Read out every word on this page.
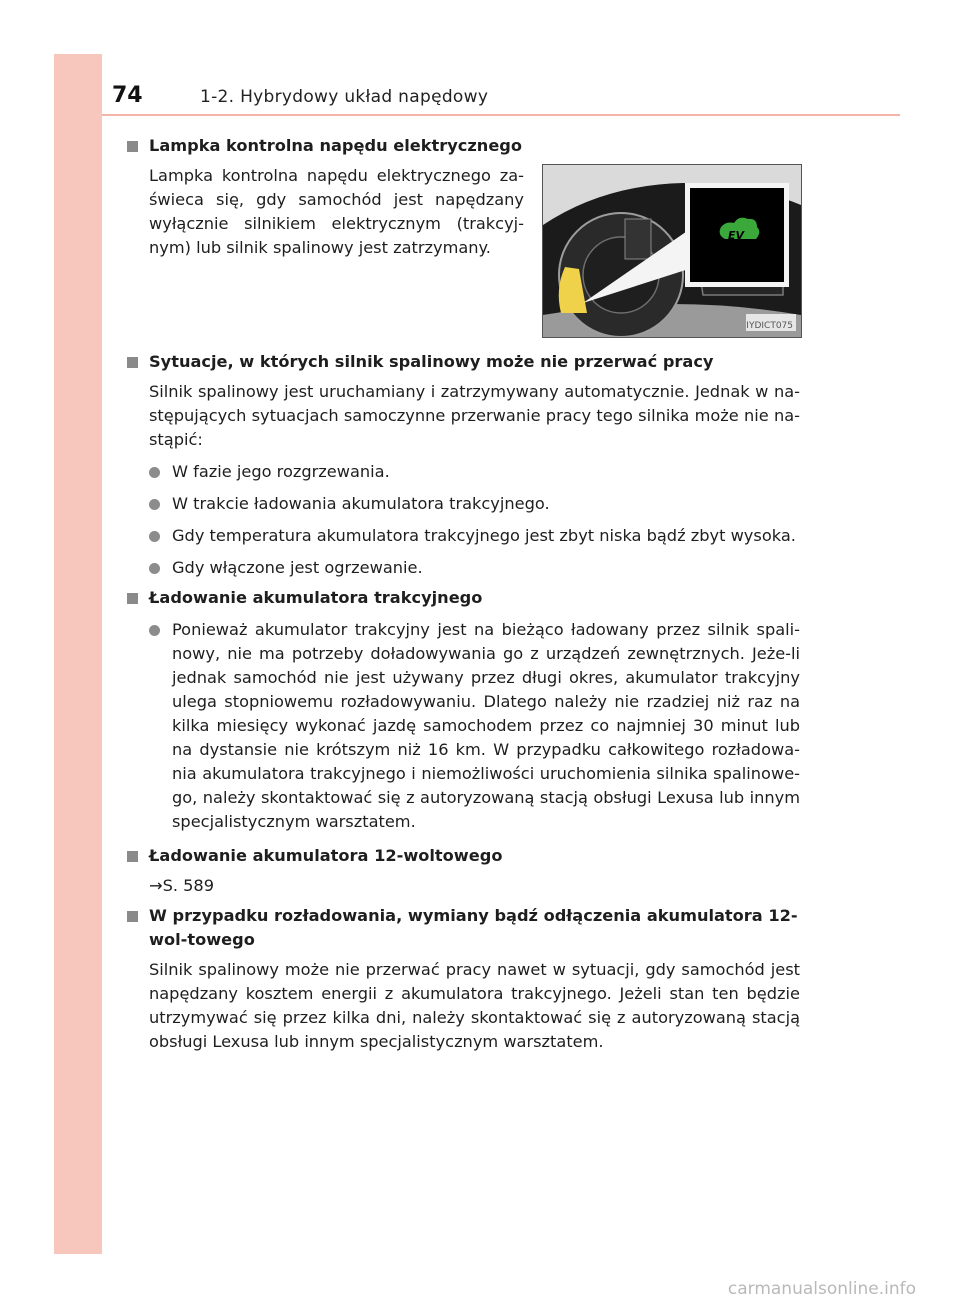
74	1-2. Hybrydowy układ napędowy
EV
IYDICT075
Lampka kontrolna napędu elektrycznego
Lampka kontrolna napędu elektrycznego za-świeca się, gdy samochód jest napędzany wyłącznie silnikiem elektrycznym (trakcyj-nym) lub silnik spalinowy jest zatrzymany.
Sytuacje, w których silnik spalinowy może nie przerwać pracy
Silnik spalinowy jest uruchamiany i zatrzymywany automatycznie. Jednak w na-stępujących sytuacjach samoczynne przerwanie pracy tego silnika może nie na-stąpić:
W fazie jego rozgrzewania.
W trakcie ładowania akumulatora trakcyjnego.
Gdy temperatura akumulatora trakcyjnego jest zbyt niska bądź zbyt wysoka.
Gdy włączone jest ogrzewanie.
Ładowanie akumulatora trakcyjnego
Ponieważ akumulator trakcyjny jest na bieżąco ładowany przez silnik spali-nowy, nie ma potrzeby doładowywania go z urządzeń zewnętrznych. Jeże-li jednak samochód nie jest używany przez długi okres, akumulator trakcyjny ulega stopniowemu rozładowywaniu. Dlatego należy nie rzadziej niż raz na kilka miesięcy wykonać jazdę samochodem przez co najmniej 30 minut lub na dystansie nie krótszym niż 16 km. W przypadku całkowitego rozładowa-nia akumulatora trakcyjnego i niemożliwości uruchomienia silnika spalinowe-go, należy skontaktować się z autoryzowaną stacją obsługi Lexusa lub innym specjalistycznym warsztatem.
Ładowanie akumulatora 12-woltowego
→S. 589
W przypadku rozładowania, wymiany bądź odłączenia akumulatora 12-wol-towego
Silnik spalinowy może nie przerwać pracy nawet w sytuacji, gdy samochód jest napędzany kosztem energii z akumulatora trakcyjnego. Jeżeli stan ten będzie utrzymywać się przez kilka dni, należy skontaktować się z autoryzowaną stacją obsługi Lexusa lub innym specjalistycznym warsztatem.
carmanualsonline.info
